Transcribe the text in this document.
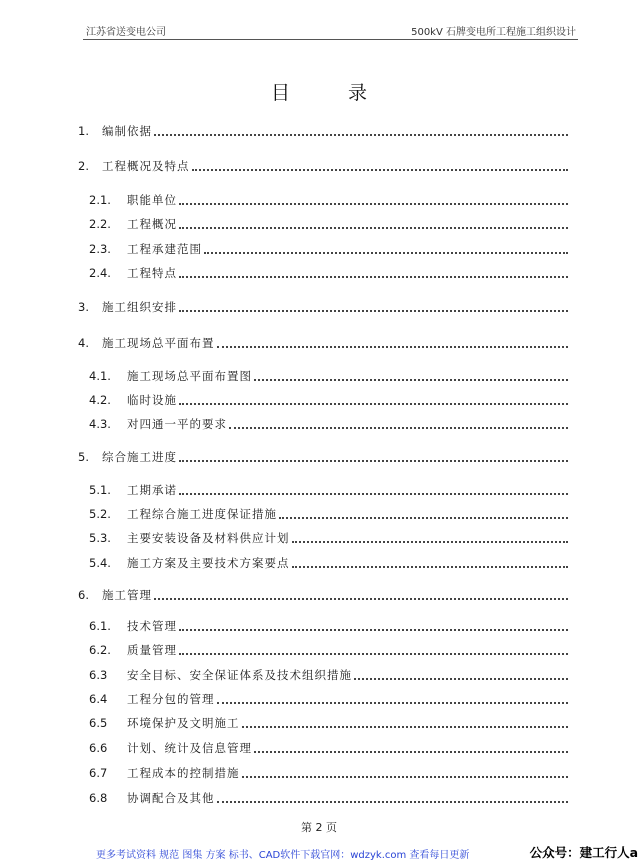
江苏省送变电公司	500kV 石牌变电所工程施工组织设计
目录
1.	编制依据
2.	工程概况及特点
2.1.	职能单位
2.2.	工程概况
2.3.	工程承建范围
2.4.	工程特点
3.	施工组织安排
4.	施工现场总平面布置
4.1.	施工现场总平面布置图
4.2.	临时设施
4.3.	对四通一平的要求
5.	综合施工进度
5.1.	工期承诺
5.2.	工程综合施工进度保证措施
5.3.	主要安装设备及材料供应计划
5.4.	施工方案及主要技术方案要点
6.	施工管理
6.1.	技术管理
6.2.	质量管理
6.3	安全目标、安全保证体系及技术组织措施
6.4	工程分包的管理
6.5	环境保护及文明施工
6.6	计划、统计及信息管理
6.7	工程成本的控制措施
6.8	协调配合及其他
第 2 页
更多考试资料 规范 图集 方案 标书、CAD软件下载官网：wdzyk.com 查看每日更新	公众号：建工行人a
